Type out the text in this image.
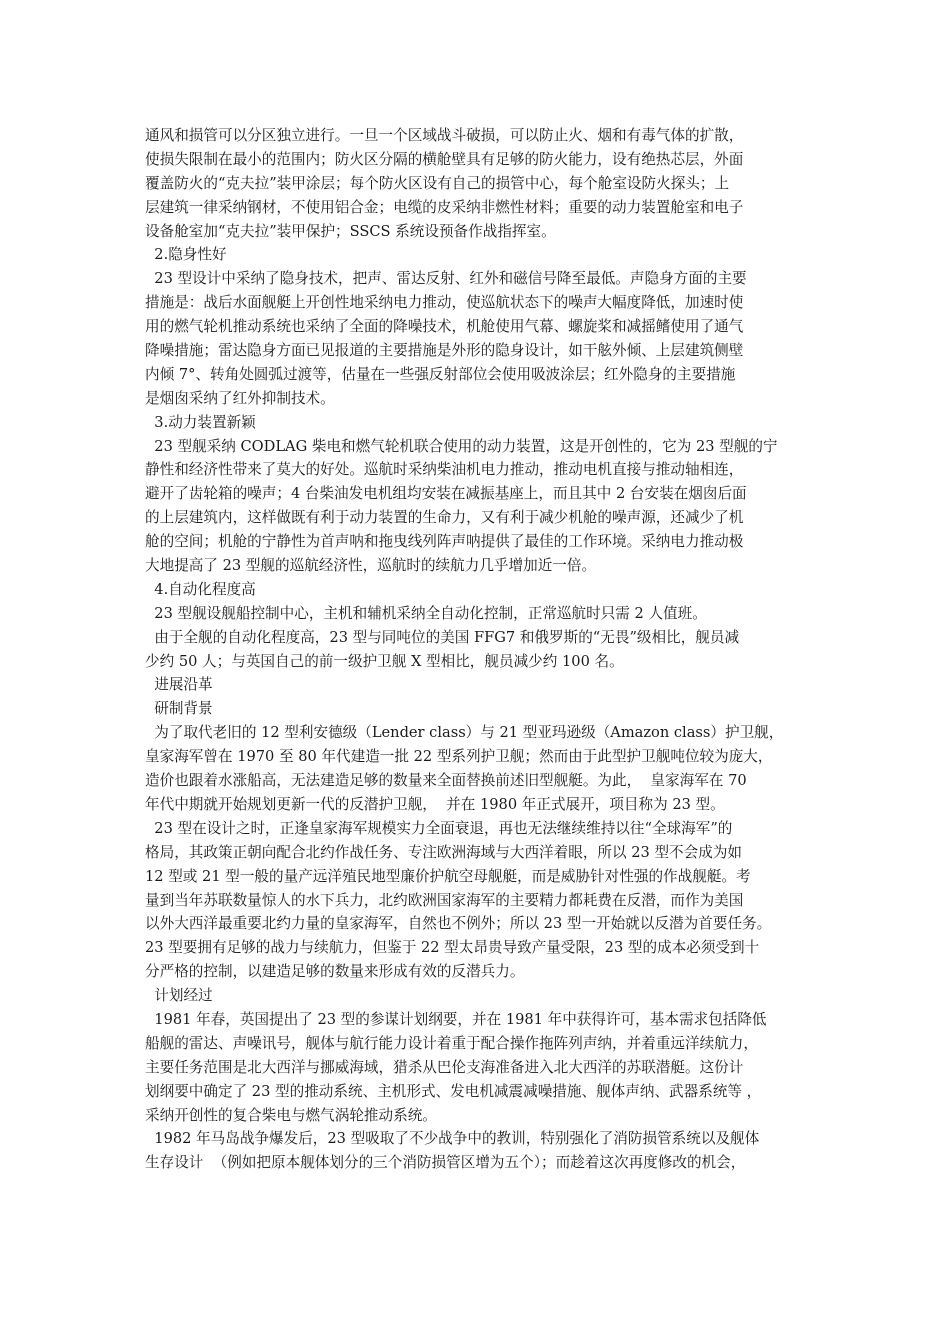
通风和损管可以分区独立进行。一旦一个区域战斗破损，可以防止火、烟和有毒气体的扩散，
使损失限制在最小的范围内；防火区分隔的横舱壁具有足够的防火能力，设有绝热芯层，外面
覆盖防火的“克夫拉”装甲涂层；每个防火区设有自己的损管中心，每个舱室设防火探头；上
层建筑一律采纳钢材，不使用铝合金；电缆的皮采纳非燃性材料；重要的动力装置舱室和电子
设备舱室加“克夫拉”装甲保护；SSCS 系统设预备作战指挥室。
2.隐身性好
23 型设计中采纳了隐身技术，把声、雷达反射、红外和磁信号降至最低。声隐身方面的主要
措施是：战后水面舰艇上开创性地采纳电力推动，使巡航状态下的噪声大幅度降低，加速时使
用的燃气轮机推动系统也采纳了全面的降噪技术，机舱使用气幕、螺旋桨和减摇鳍使用了通气
降噪措施；雷达隐身方面已见报道的主要措施是外形的隐身设计，如干舷外倾、上层建筑侧壁
内倾 7°、转角处圆弧过渡等，估量在一些强反射部位会使用吸波涂层；红外隐身的主要措施
是烟囱采纳了红外抑制技术。
3.动力装置新颖
23 型舰采纳 CODLAG 柴电和燃气轮机联合使用的动力装置，这是开创性的，它为 23 型舰的宁
静性和经济性带来了莫大的好处。巡航时采纳柴油机电力推动，推动电机直接与推动轴相连，
避开了齿轮箱的噪声；4 台柴油发电机组均安装在减振基座上，而且其中 2 台安装在烟囱后面
的上层建筑内，这样做既有利于动力装置的生命力，又有利于减少机舱的噪声源，还减少了机
舱的空间；机舱的宁静性为首声呐和拖曳线列阵声呐提供了最佳的工作环境。采纳电力推动极
大地提高了 23 型舰的巡航经济性，巡航时的续航力几乎增加近一倍。
4.自动化程度高
23 型舰设舰船控制中心，主机和辅机采纳全自动化控制，正常巡航时只需 2 人值班。
由于全舰的自动化程度高，23 型与同吨位的美国 FFG7 和俄罗斯的“无畏”级相比，舰员减
少约 50 人；与英国自己的前一级护卫舰 X 型相比，舰员减少约 100 名。
进展沿革
研制背景
为了取代老旧的 12 型利安德级（Lender class）与 21 型亚玛逊级（Amazon class）护卫舰，
皇家海军曾在 1970 至 80 年代建造一批 22 型系列护卫舰；然而由于此型护卫舰吨位较为庞大，
造价也跟着水涨船高，无法建造足够的数量来全面替换前述旧型舰艇。为此，  皇家海军在 70
年代中期就开始规划更新一代的反潜护卫舰，  并在 1980 年正式展开，项目称为 23 型。
23 型在设计之时，正逢皇家海军规模实力全面衰退，再也无法继续维持以往“全球海军”的
格局，其政策正朝向配合北约作战任务、专注欧洲海域与大西洋着眼，所以 23 型不会成为如
12 型或 21 型一般的量产远洋殖民地型廉价护航空母舰艇，而是威胁针对性强的作战舰艇。考
量到当年苏联数量惊人的水下兵力，北约欧洲国家海军的主要精力都耗费在反潜，而作为美国
以外大西洋最重要北约力量的皇家海军，自然也不例外；所以 23 型一开始就以反潜为首要任务。
23 型要拥有足够的战力与续航力，但鉴于 22 型太昂贵导致产量受限，23 型的成本必须受到十
分严格的控制，以建造足够的数量来形成有效的反潜兵力。
计划经过
1981 年春，英国提出了 23 型的参谋计划纲要，并在 1981 年中获得许可，基本需求包括降低
船舰的雷达、声噪讯号，舰体与航行能力设计着重于配合操作拖阵列声纳，并着重远洋续航力，
主要任务范围是北大西洋与挪威海域，猎杀从巴伦支海准备进入北大西洋的苏联潜艇。这份计
划纲要中确定了 23 型的推动系统、主机形式、发电机减震减噪措施、舰体声纳、武器系统等 ，
采纳开创性的复合柴电与燃气涡轮推动系统。
1982 年马岛战争爆发后，23 型吸取了不少战争中的教训，特别强化了消防损管系统以及舰体
生存设计  （例如把原本舰体划分的三个消防损管区增为五个）；而趁着这次再度修改的机会，
